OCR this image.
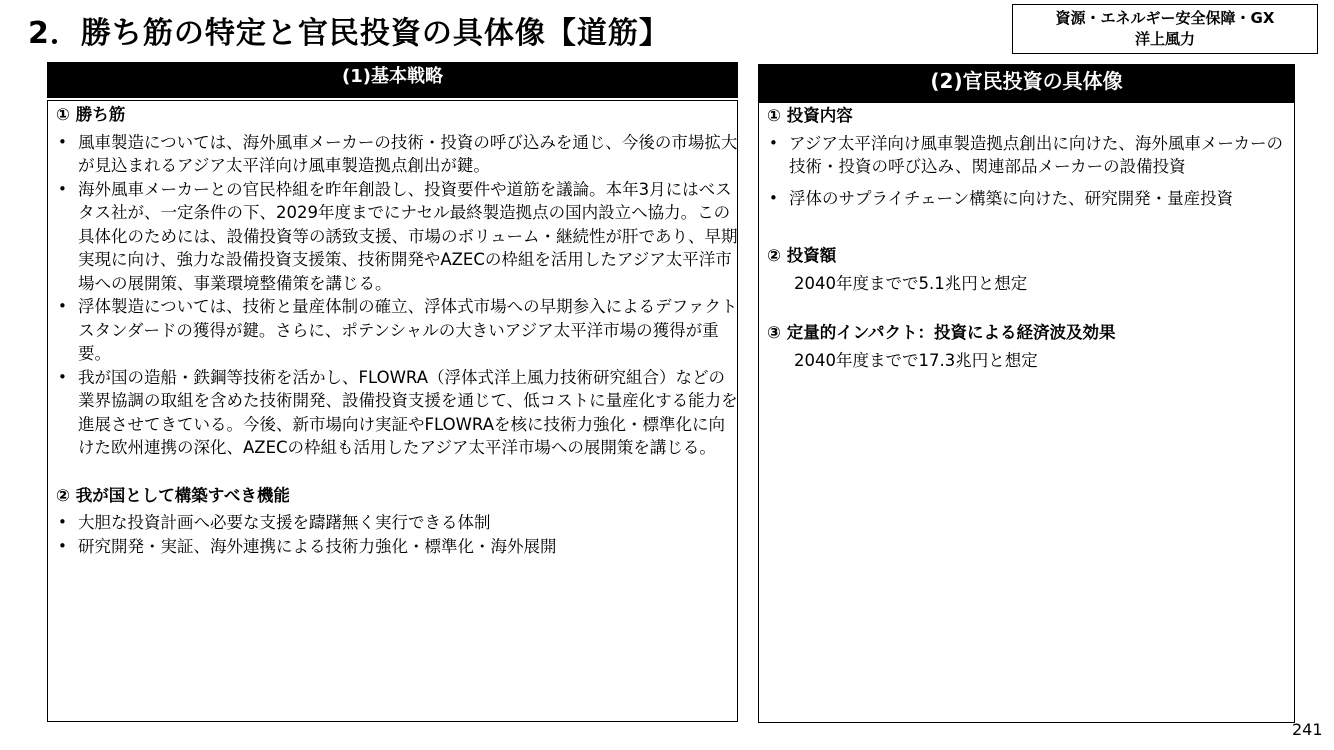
2．勝ち筋の特定と官民投資の具体像【道筋】	資源・エネルギー安全保障・GX
洋上風力
(1)基本戦略
① 勝ち筋
• 風車製造については、海外風車メーカーの技術・投資の呼び込みを通じ、今後の市場拡大が見込まれるアジア太平洋向け風車製造拠点創出が鍵。
• 海外風車メーカーとの官民枠組を昨年創設し、投資要件や道筋を議論。本年3月にはベスタス社が、一定条件の下、2029年度までにナセル最終製造拠点の国内設立へ協力。この具体化のためには、設備投資等の誘致支援、市場のボリューム・継続性が肝であり、早期実現に向け、強力な設備投資支援策、技術開発やAZECの枠組を活用したアジア太平洋市場への展開策、事業環境整備策を講じる。
• 浮体製造については、技術と量産体制の確立、浮体式市場への早期参入によるデファクトスタンダードの獲得が鍵。さらに、ポテンシャルの大きいアジア太平洋市場の獲得が重要。
• 我が国の造船・鉄鋼等技術を活かし、FLOWRA（浮体式洋上風力技術研究組合）などの業界協調の取組を含めた技術開発、設備投資支援を通じて、低コストに量産化する能力を進展させてきている。今後、新市場向け実証やFLOWRAを核に技術力強化・標準化に向けた欧州連携の深化、AZECの枠組も活用したアジア太平洋市場への展開策を講じる。
② 我が国として構築すべき機能
• 大胆な投資計画へ必要な支援を躊躇無く実行できる体制
• 研究開発・実証、海外連携による技術力強化・標準化・海外展開
(2)官民投資の具体像
① 投資内容
• アジア太平洋向け風車製造拠点創出に向けた、海外風車メーカーの技術・投資の呼び込み、関連部品メーカーの設備投資
• 浮体のサプライチェーン構築に向けた、研究開発・量産投資
② 投資額
2040年度までで5.1兆円と想定
③ 定量的インパクト：投資による経済波及効果
2040年度までで17.3兆円と想定
241
